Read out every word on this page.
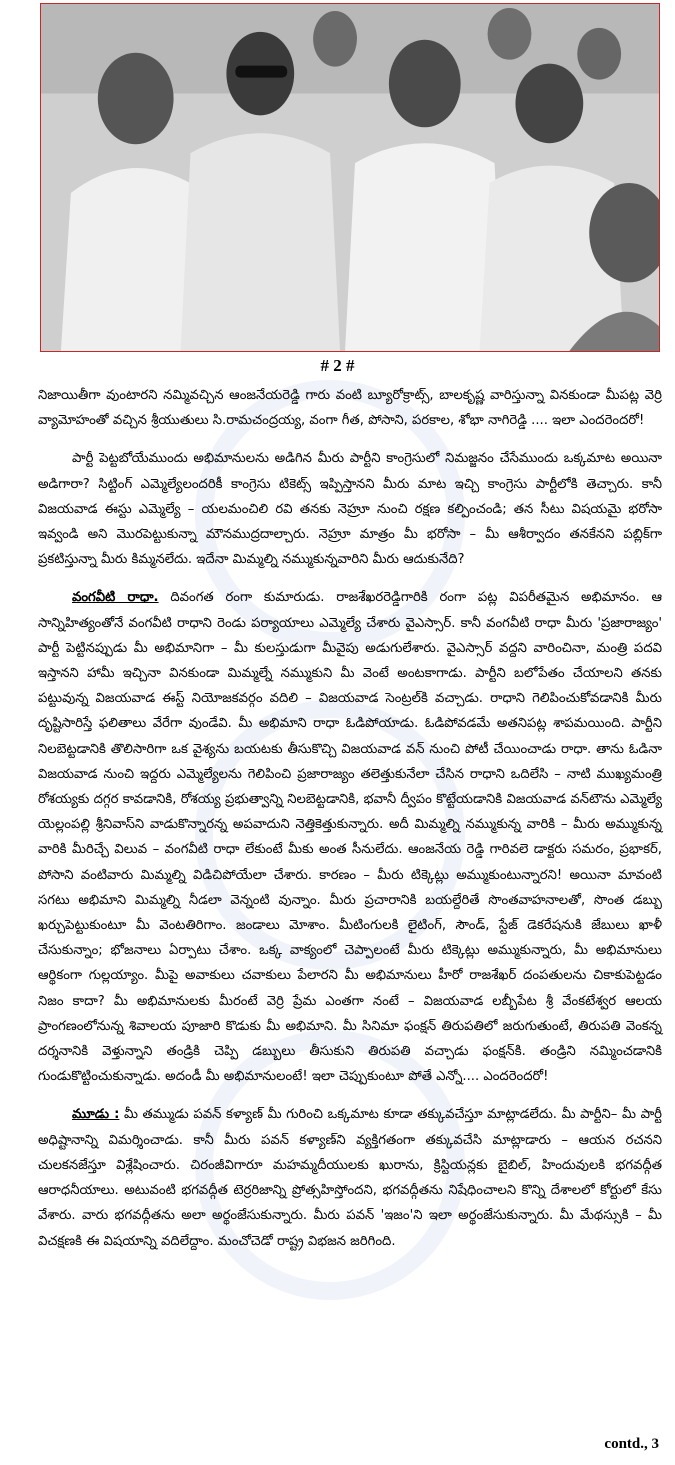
# 2 #

నిజాయితీగా వుంటారని నమ్మివచ్చిన ఆంజనేయరెడ్డి గారు వంటి బ్యూరోక్రాట్స్, బాలకృష్ణ వారిస్తున్నా వినకుండా మీపట్ల వెర్రి వ్యామోహంతో వచ్చిన శ్రీయుతులు సి.రామచంద్రయ్య, వంగా గీత, పోసాని, పరకాల, శోభా నాగిరెడ్డి .... ఇలా ఎందరెందరో!

పార్టీ పెట్టబోయేముందు అభిమానులను అడిగిన మీరు పార్టీని కాంగ్రెసులో నిమజ్జనం చేసేముందు ఒక్కమాట అయినా అడిగారా? సిట్టింగ్ ఎమ్మెల్యేలందరికీ కాంగ్రెసు టికెట్స్ ఇప్పిస్తానని మీరు మాట ఇచ్చి కాంగ్రెసు పార్టీలోకి తెచ్చారు. కానీ విజయవాడ ఈస్టు ఎమ్మెల్యే – యలమంచిలి రవి తనకు నెహ్రూ నుంచి రక్షణ కల్పించండి; తన సీటు విషయమై భరోసా ఇవ్వండి అని మొరపెట్టుకున్నా మౌనముద్రదాల్చారు. నెహ్రూ మాత్రం మీ భరోసా – మీ ఆశీర్వాదం తనకేనని పబ్లిక్‌గా ప్రకటిస్తున్నా మీరు కిమ్మనలేదు. ఇదేనా మిమ్మల్ని నమ్ముకున్నవారిని మీరు ఆదుకునేది?

వంగవీటి రాధా. దివంగత రంగా కుమారుడు. రాజశేఖరరెడ్డిగారికి రంగా పట్ల విపరీతమైన అభిమానం. ఆ సాన్నిహిత్యంతోనే వంగవీటి రాధాని రెండు పర్యాయాలు ఎమ్మెల్యే చేశారు వైఎస్సార్. కానీ వంగవీటి రాధా మీరు 'ప్రజారాజ్యం' పార్టీ పెట్టినప్పుడు మీ అభిమానిగా – మీ కులస్తుడుగా మీవైపు అడుగులేశారు. వైఎస్సార్ వద్దని వారించినా, మంత్రి పదవి ఇస్తానని హామీ ఇచ్చినా వినకుండా మిమ్మల్నే నమ్ముకుని మీ వెంటే అంటకాగాడు. పార్టీని బలోపేతం చేయాలని తనకు పట్టువున్న విజయవాడ ఈస్ట్ నియోజకవర్గం వదిలి – విజయవాడ సెంట్రల్‌కి వచ్చాడు. రాధాని గెలిపించుకోవడానికి మీరు దృష్టిసారిస్తే ఫలితాలు వేరేగా వుండేవి. మీ అభిమాని రాధా ఓడిపోయాడు. ఓడిపోవడమే అతనిపట్ల శాపమయింది. పార్టీని నిలబెట్టడానికి తొలిసారిగా ఒక వైశ్యను బయటకు తీసుకొచ్చి విజయవాడ వన్ నుంచి పోటీ చేయించాడు రాధా. తాను ఓడినా విజయవాడ నుంచి ఇద్దరు ఎమ్మెల్యేలను గెలిపించి ప్రజారాజ్యం తలెత్తుకునేలా చేసిన రాధాని ఒదిలేసి – నాటి ముఖ్యమంత్రి రోశయ్యకు దగ్గర కావడానికి, రోశయ్య ప్రభుత్వాన్ని నిలబెట్టడానికి, భవానీ ద్వీపం కొట్టేయడానికి విజయవాడ వన్‌టౌను ఎమ్మెల్యే యెల్లంపల్లి శ్రీనివాస్‌ని వాడుకొన్నారన్న అపవాదుని నెత్తికెత్తుకున్నారు. అదీ మిమ్మల్ని నమ్ముకున్న వారికి – మీరు అమ్ముకున్న వారికి మీరిచ్చే విలువ – వంగవీటి రాధా లేకుంటే మీకు అంత సీనులేదు. ఆంజనేయ రెడ్డి గారివలె డాక్టరు సమరం, ప్రభాకర్, పోసాని వంటివారు మిమ్మల్ని విడిచిపోయేలా చేశారు. కారణం – మీరు టిక్కెట్లు అమ్ముకుంటున్నారని! అయినా మావంటి సగటు అభిమాని మిమ్మల్ని నీడలా వెన్నంటి వున్నాం. మీరు ప్రచారానికి బయల్దేరితే సొంతవాహనాలతో, సొంత డబ్బు ఖర్చుపెట్టుకుంటూ మీ వెంటతిరిగాం. జండాలు మోశాం. మీటింగులకి లైటింగ్, సౌండ్, స్టేజ్ డెకరేషనుకి జేబులు ఖాళీ చేసుకున్నాం; భోజనాలు ఏర్పాటు చేశాం. ఒక్క వాక్యంలో చెప్పాలంటే మీరు టిక్కెట్లు అమ్ముకున్నారు, మీ అభిమానులు ఆర్థికంగా గుల్లయ్యాం. మీపై అవాకులు చవాకులు పేలారని మీ అభిమానులు హీరో రాజశేఖర్ దంపతులను చికాకుపెట్టడం నిజం కాదా? మీ అభిమానులకు మీరంటే వెర్రి ప్రేమ ఎంతగా నంటే – విజయవాడ లబ్బీపేట శ్రీ వేంకటేశ్వర ఆలయ ప్రాంగణంలోనున్న శివాలయ పూజారి కొడుకు మీ అభిమాని. మీ సినిమా ఫంక్షన్ తిరుపతిలో జరుగుతుంటే, తిరుపతి వెంకన్న దర్శనానికి వెళ్తున్నాని తండ్రికి చెప్పి డబ్బులు తీసుకుని తిరుపతి వచ్చాడు ఫంక్షన్‌కి. తండ్రిని నమ్మించడానికి గుండుకొట్టించుకున్నాడు. అదండీ మీ అభిమానులంటే! ఇలా చెప్పుకుంటూ పోతే ఎన్నో.... ఎందరెందరో!

మూడు : మీ తమ్ముడు పవన్ కళ్యాణ్ మీ గురించి ఒక్కమాట కూడా తక్కువచేస్తూ మాట్లాడలేదు. మీ పార్టీని– మీ పార్టీ అధిష్టానాన్ని విమర్శించాడు. కానీ మీరు పవన్ కళ్యాణ్‌ని వ్యక్తిగతంగా తక్కువచేసి మాట్లాడారు – ఆయన రచనని చులకనజేస్తూ విశ్లేషించారు. చిరంజీవిగారూ మహమ్మదీయులకు ఖురాను, క్రిస్టియన్లకు బైబిల్, హిందువులకి భగవద్గీత ఆరాధనీయాలు. అటువంటి భగవద్గీత టెర్రరిజాన్ని ప్రోత్సహిస్తోందని, భగవద్గీతను నిషేధించాలని కొన్ని దేశాలలో కోర్టులో కేసు వేశారు. వారు భగవద్గీతను అలా అర్థంజేసుకున్నారు. మీరు పవన్ 'ఇజం'ని ఇలా అర్థంజేసుకున్నారు. మీ మేథస్సుకి – మీ విచక్షణకి ఈ విషయాన్ని వదిలేద్దాం. మంచోచెడో రాష్ట్ర విభజన జరిగింది.

contd., 3
